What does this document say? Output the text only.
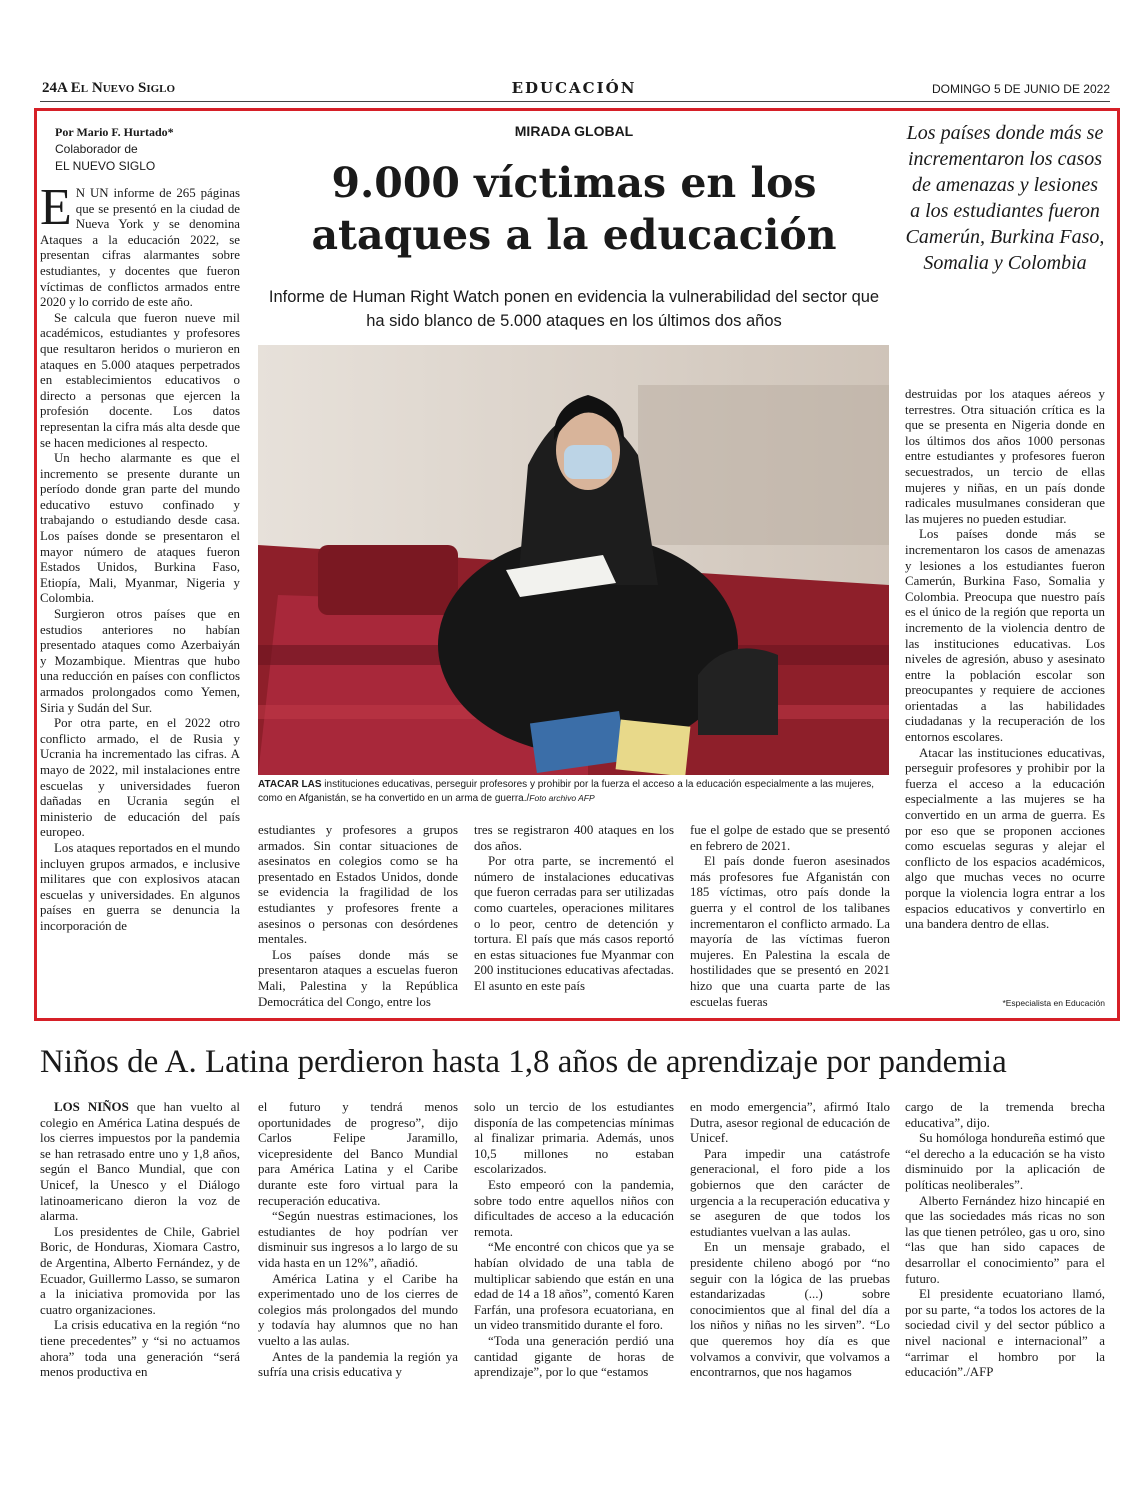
24A El Nuevo Siglo	EDUCACIÓN	DOMINGO 5 DE JUNIO DE 2022
Por Mario F. Hurtado*
Colaborador de
EL NUEVO SIGLO

E N UN informe de 265 páginas que se presentó en la ciudad de Nueva York y se denomina Ataques a la educación 2022, se presentan cifras alarmantes sobre estudiantes, y docentes que fueron víctimas de conflictos armados entre 2020 y lo corrido de este año.

Se calcula que fueron nueve mil académicos, estudiantes y profesores que resultaron heridos o murieron en ataques en 5.000 ataques perpetrados en establecimientos educativos o directo a personas que ejercen la profesión docente. Los datos representan la cifra más alta desde que se hacen mediciones al respecto.

Un hecho alarmante es que el incremento se presente durante un período donde gran parte del mundo educativo estuvo confinado y trabajando o estudiando desde casa. Los países donde se presentaron el mayor número de ataques fueron Estados Unidos, Burkina Faso, Etiopía, Mali, Myanmar, Nigeria y Colombia.

Surgieron otros países que en estudios anteriores no habían presentado ataques como Azerbaiyán y Mozambique. Mientras que hubo una reducción en países con conflictos armados prolongados como Yemen, Siria y Sudán del Sur.

Por otra parte, en el 2022 otro conflicto armado, el de Rusia y Ucrania ha incrementado las cifras. A mayo de 2022, mil instalaciones entre escuelas y universidades fueron dañadas en Ucrania según el ministerio de educación del país europeo.

Los ataques reportados en el mundo incluyen grupos armados, e inclusive militares que con explosivos atacan escuelas y universidades. En algunos países en guerra se denuncia la incorporación de

MIRADA GLOBAL
9.000 víctimas en los ataques a la educación
Informe de Human Right Watch ponen en evidencia la vulnerabilidad del sector que ha sido blanco de 5.000 ataques en los últimos dos años
Los países donde más se incrementaron los casos de amenazas y lesiones a los estudiantes fueron Camerún, Burkina Faso, Somalia y Colombia
ATACAR LAS instituciones educativas, perseguir profesores y prohibir por la fuerza el acceso a la educación especialmente a las mujeres, como en Afganistán, se ha convertido en un arma de guerra./Foto archivo AFP

estudiantes y profesores a grupos armados. Sin contar situaciones de asesinatos en colegios como se ha presentado en Estados Unidos, donde se evidencia la fragilidad de los estudiantes y profesores frente a asesinos o personas con desórdenes mentales.

Los países donde más se presentaron ataques a escuelas fueron Mali, Palestina y la República Democrática del Congo, entre los

tres se registraron 400 ataques en los dos años.

Por otra parte, se incrementó el número de instalaciones educativas que fueron cerradas para ser utilizadas como cuarteles, operaciones militares o lo peor, centro de detención y tortura. El país que más casos reportó en estas situaciones fue Myanmar con 200 instituciones educativas afectadas. El asunto en este país

fue el golpe de estado que se presentó en febrero de 2021.

El país donde fueron asesinados más profesores fue Afganistán con 185 víctimas, otro país donde la guerra y el control de los talibanes incrementaron el conflicto armado. La mayoría de las víctimas fueron mujeres. En Palestina la escala de hostilidades que se presentó en 2021 hizo que una cuarta parte de las escuelas fueras

destruidas por los ataques aéreos y terrestres. Otra situación crítica es la que se presenta en Nigeria donde en los últimos dos años 1000 personas entre estudiantes y profesores fueron secuestrados, un tercio de ellas mujeres y niñas, en un país donde radicales musulmanes consideran que las mujeres no pueden estudiar.

Los países donde más se incrementaron los casos de amenazas y lesiones a los estudiantes fueron Camerún, Burkina Faso, Somalia y Colombia. Preocupa que nuestro país es el único de la región que reporta un incremento de la violencia dentro de las instituciones educativas. Los niveles de agresión, abuso y asesinato entre la población escolar son preocupantes y requiere de acciones orientadas a las habilidades ciudadanas y la recuperación de los entornos escolares.

Atacar las instituciones educativas, perseguir profesores y prohibir por la fuerza el acceso a la educación especialmente a las mujeres se ha convertido en un arma de guerra. Es por eso que se proponen acciones como escuelas seguras y alejar el conflicto de los espacios académicos, algo que muchas veces no ocurre porque la violencia logra entrar a los espacios educativos y convertirlo en una bandera dentro de ellas.

*Especialista en Educación
Niños de A. Latina perdieron hasta 1,8 años de aprendizaje por pandemia

LOS NIÑOS que han vuelto al colegio en América Latina después de los cierres impuestos por la pandemia se han retrasado entre uno y 1,8 años, según el Banco Mundial, que con Unicef, la Unesco y el Diálogo latinoamericano dieron la voz de alarma.

Los presidentes de Chile, Gabriel Boric, de Honduras, Xiomara Castro, de Argentina, Alberto Fernández, y de Ecuador, Guillermo Lasso, se sumaron a la iniciativa promovida por las cuatro organizaciones.

La crisis educativa en la región “no tiene precedentes” y “si no actuamos ahora” toda una generación “será menos productiva en

el futuro y tendrá menos oportunidades de progreso”, dijo Carlos Felipe Jaramillo, vicepresidente del Banco Mundial para América Latina y el Caribe durante este foro virtual para la recuperación educativa.

“Según nuestras estimaciones, los estudiantes de hoy podrían ver disminuir sus ingresos a lo largo de su vida hasta en un 12%”, añadió.

América Latina y el Caribe ha experimentado uno de los cierres de colegios más prolongados del mundo y todavía hay alumnos que no han vuelto a las aulas.

Antes de la pandemia la región ya sufría una crisis educativa y

solo un tercio de los estudiantes disponía de las competencias mínimas al finalizar primaria. Además, unos 10,5 millones no estaban escolarizados.

Esto empeoró con la pandemia, sobre todo entre aquellos niños con dificultades de acceso a la educación remota.

“Me encontré con chicos que ya se habían olvidado de una tabla de multiplicar sabiendo que están en una edad de 14 a 18 años”, comentó Karen Farfán, una profesora ecuatoriana, en un video transmitido durante el foro.

“Toda una generación perdió una cantidad gigante de horas de aprendizaje”, por lo que “estamos

en modo emergencia”, afirmó Italo Dutra, asesor regional de educación de Unicef.

Para impedir una catástrofe generacional, el foro pide a los gobiernos que den carácter de urgencia a la recuperación educativa y se aseguren de que todos los estudiantes vuelvan a las aulas.

En un mensaje grabado, el presidente chileno abogó por “no seguir con la lógica de las pruebas estandarizadas (...) sobre conocimientos que al final del día a los niños y niñas no les sirven”. “Lo que queremos hoy día es que volvamos a convivir, que volvamos a encontrarnos, que nos hagamos

cargo de la tremenda brecha educativa”, dijo.

Su homóloga hondureña estimó que “el derecho a la educación se ha visto disminuido por la aplicación de políticas neoliberales”.

Alberto Fernández hizo hincapié en que las sociedades más ricas no son las que tienen petróleo, gas u oro, sino “las que han sido capaces de desarrollar el conocimiento” para el futuro.

El presidente ecuatoriano llamó, por su parte, “a todos los actores de la sociedad civil y del sector público a nivel nacional e internacional” a “arrimar el hombro por la educación”./AFP
